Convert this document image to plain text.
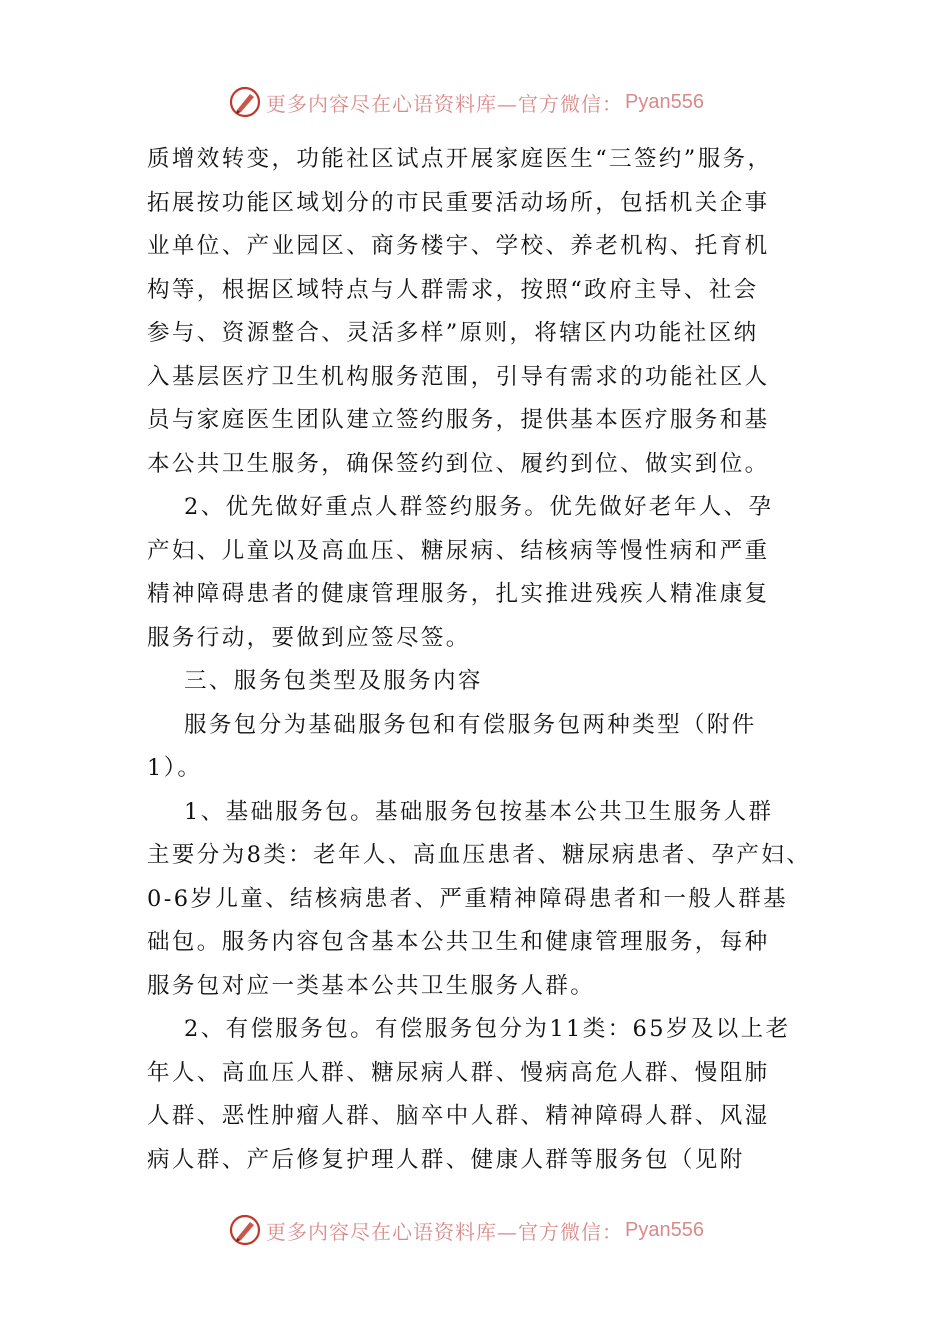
更多内容尽在心语资料库—官方微信： Pyan556

质增效转变，功能社区试点开展家庭医生“三签约”服务，

拓展按功能区域划分的市民重要活动场所，包括机关企事

业单位、产业园区、商务楼宇、学校、养老机构、托育机

构等，根据区域特点与人群需求，按照“政府主导、社会

参与、资源整合、灵活多样”原则，将辖区内功能社区纳

入基层医疗卫生机构服务范围，引导有需求的功能社区人

员与家庭医生团队建立签约服务，提供基本医疗服务和基

本公共卫生服务，确保签约到位、履约到位、做实到位。

2、优先做好重点人群签约服务。优先做好老年人、孕

产妇、儿童以及高血压、糖尿病、结核病等慢性病和严重

精神障碍患者的健康管理服务，扎实推进残疾人精准康复

服务行动，要做到应签尽签。

三、服务包类型及服务内容

服务包分为基础服务包和有偿服务包两种类型（附件

1）。

1、基础服务包。基础服务包按基本公共卫生服务人群

主要分为8类：老年人、高血压患者、糖尿病患者、孕产妇、

0-6岁儿童、结核病患者、严重精神障碍患者和一般人群基

础包。服务内容包含基本公共卫生和健康管理服务，每种

服务包对应一类基本公共卫生服务人群。

2、有偿服务包。有偿服务包分为11类：65岁及以上老

年人、高血压人群、糖尿病人群、慢病高危人群、慢阻肺

人群、恶性肿瘤人群、脑卒中人群、精神障碍人群、风湿

病人群、产后修复护理人群、健康人群等服务包（见附

更多内容尽在心语资料库—官方微信： Pyan556
